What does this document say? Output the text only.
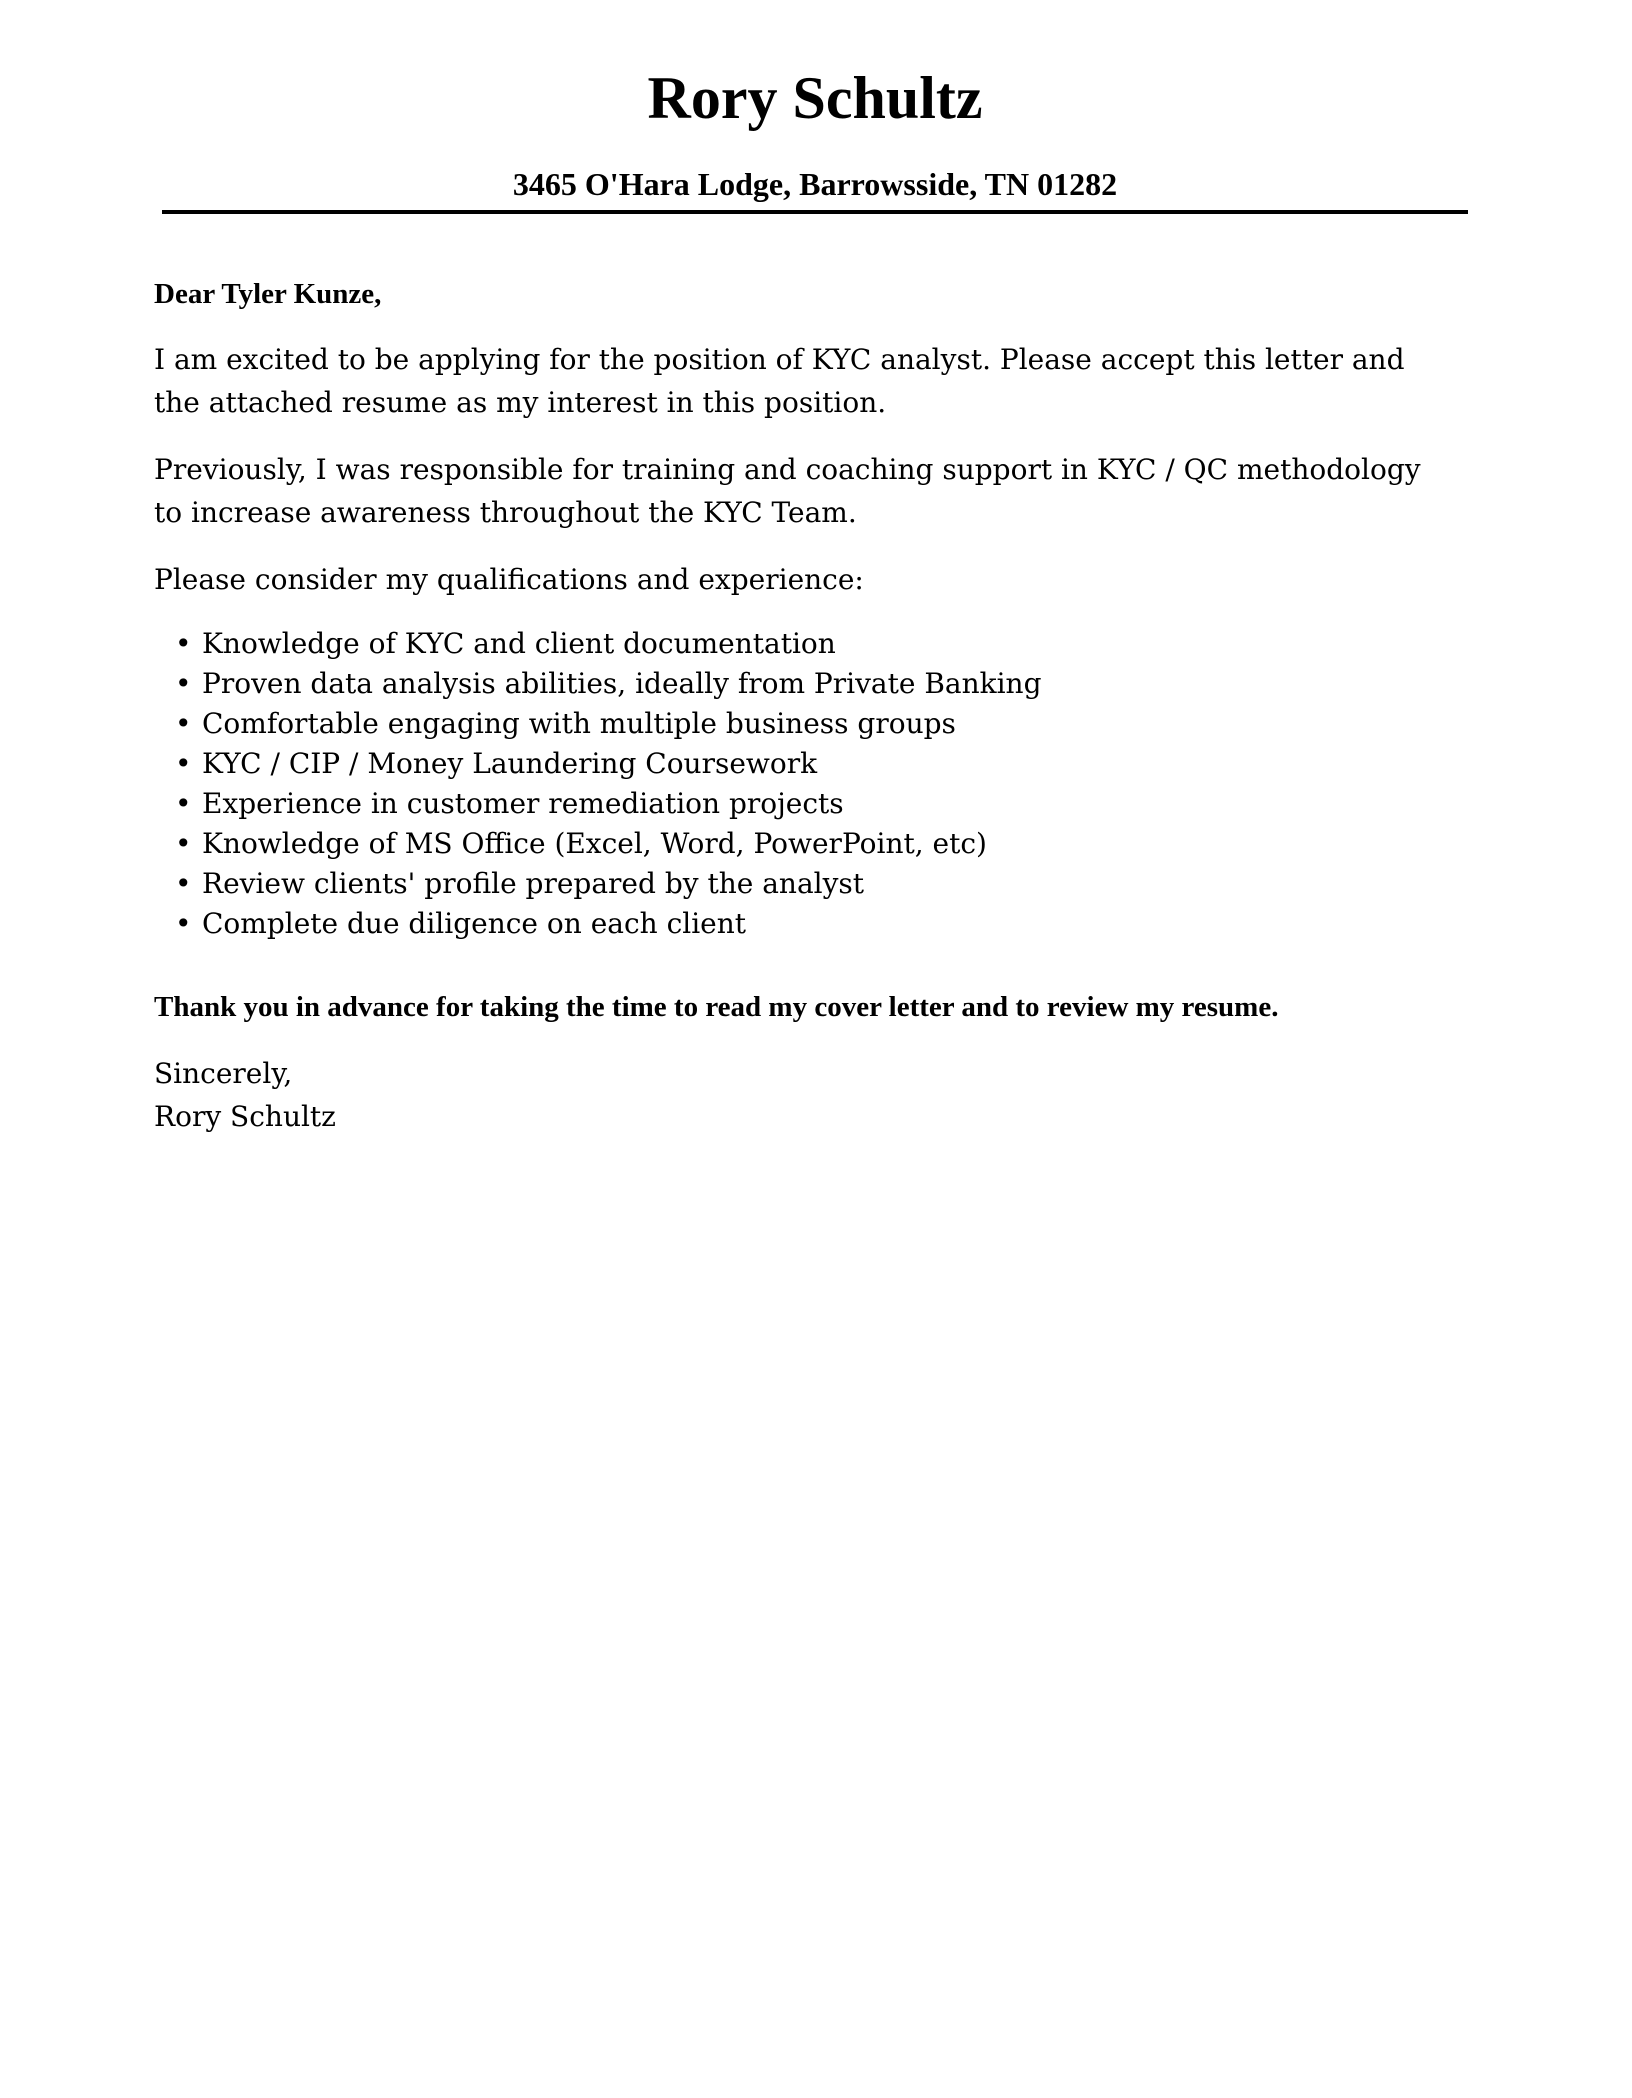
Rory Schultz
3465 O'Hara Lodge, Barrowsside, TN 01282

Dear Tyler Kunze,

I am excited to be applying for the position of KYC analyst. Please accept this letter and the attached resume as my interest in this position.

Previously, I was responsible for training and coaching support in KYC / QC methodology to increase awareness throughout the KYC Team.

Please consider my qualifications and experience:

• Knowledge of KYC and client documentation
• Proven data analysis abilities, ideally from Private Banking
• Comfortable engaging with multiple business groups
• KYC / CIP / Money Laundering Coursework
• Experience in customer remediation projects
• Knowledge of MS Office (Excel, Word, PowerPoint, etc)
• Review clients' profile prepared by the analyst
• Complete due diligence on each client

Thank you in advance for taking the time to read my cover letter and to review my resume.

Sincerely,

Rory Schultz
